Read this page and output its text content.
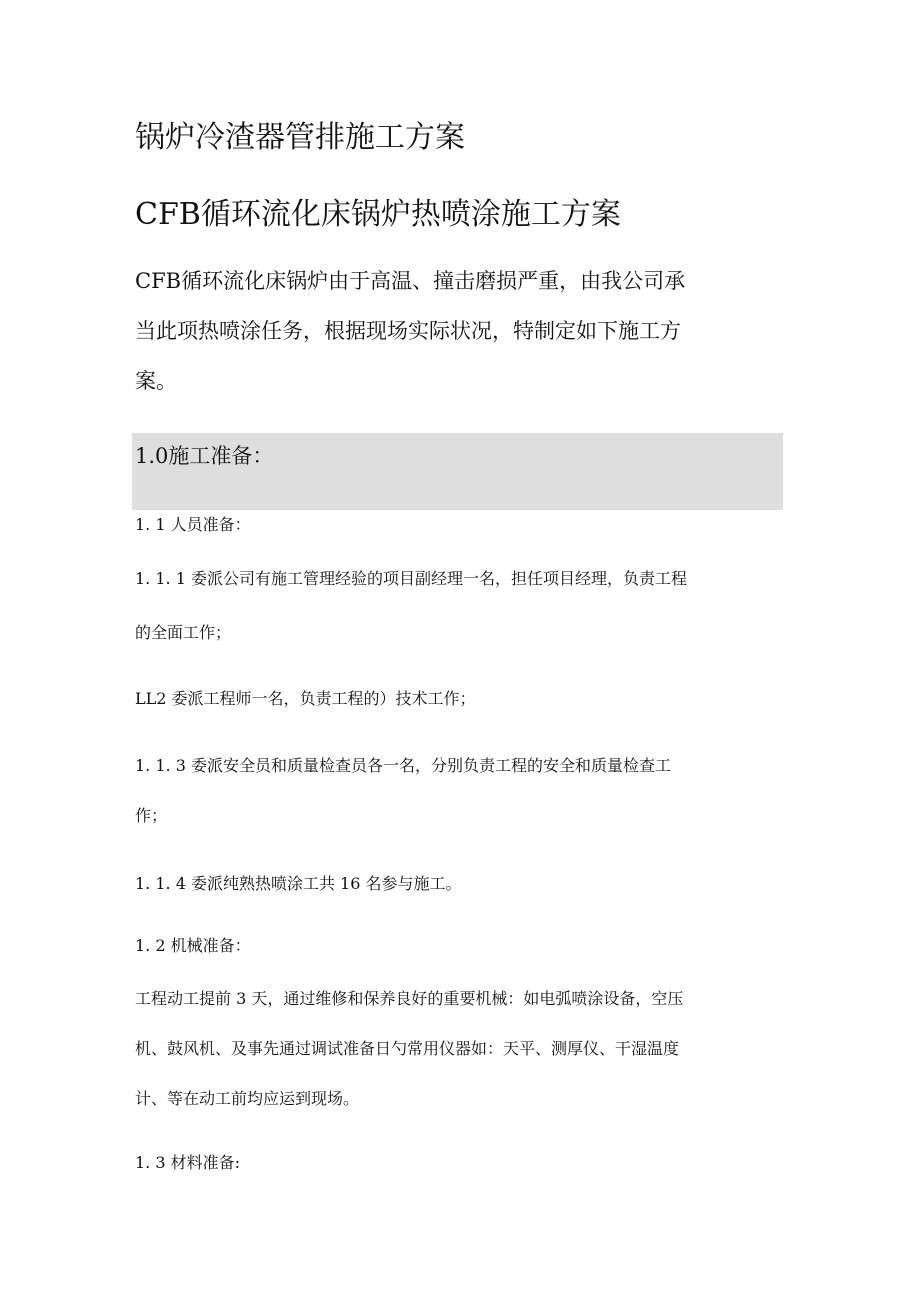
锅炉冷渣器管排施工方案
CFB循环流化床锅炉热喷涂施工方案

CFB循环流化床锅炉由于高温、撞击磨损严重，由我公司承

当此项热喷涂任务，根据现场实际状况，特制定如下施工方

案。

1.0施工准备：

1. 1 人员准备：

1. 1. 1 委派公司有施工管理经验的项目副经理一名，担任项目经理，负责工程

的全面工作；

LL2 委派工程师一名，负责工程的）技术工作；

1. 1. 3 委派安全员和质量检查员各一名，分别负责工程的安全和质量检查工

作；

1. 1. 4 委派纯熟热喷涂工共 16 名参与施工。

1. 2 机械准备：

工程动工提前 3 天，通过维修和保养良好的重要机械：如电弧喷涂设备，空压

机、鼓风机、及事先通过调试准备日勺常用仪器如：天平、测厚仪、干湿温度

计、等在动工前均应运到现场。

1. 3 材料准备:
